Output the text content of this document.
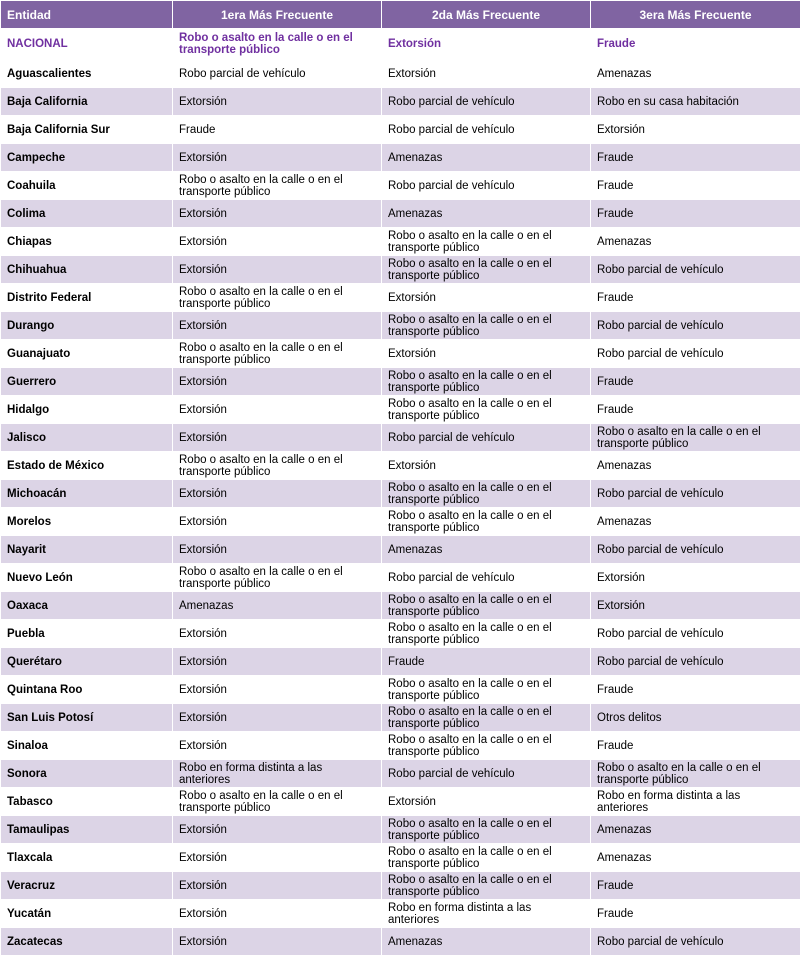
Entidad	1era Más Frecuente	2da Más Frecuente	3era Más Frecuente
NACIONAL	Robo o asalto en la calle o en el transporte público	Extorsión	Fraude
Aguascalientes	Robo parcial de vehículo	Extorsión	Amenazas
Baja California	Extorsión	Robo parcial de vehículo	Robo en su casa habitación
Baja California Sur	Fraude	Robo parcial de vehículo	Extorsión
Campeche	Extorsión	Amenazas	Fraude
Coahuila	Robo o asalto en la calle o en el transporte público	Robo parcial de vehículo	Fraude
Colima	Extorsión	Amenazas	Fraude
Chiapas	Extorsión	Robo o asalto en la calle o en el transporte público	Amenazas
Chihuahua	Extorsión	Robo o asalto en la calle o en el transporte público	Robo parcial de vehículo
Distrito Federal	Robo o asalto en la calle o en el transporte público	Extorsión	Fraude
Durango	Extorsión	Robo o asalto en la calle o en el transporte público	Robo parcial de vehículo
Guanajuato	Robo o asalto en la calle o en el transporte público	Extorsión	Robo parcial de vehículo
Guerrero	Extorsión	Robo o asalto en la calle o en el transporte público	Fraude
Hidalgo	Extorsión	Robo o asalto en la calle o en el transporte público	Fraude
Jalisco	Extorsión	Robo parcial de vehículo	Robo o asalto en la calle o en el transporte público
Estado de México	Robo o asalto en la calle o en el transporte público	Extorsión	Amenazas
Michoacán	Extorsión	Robo o asalto en la calle o en el transporte público	Robo parcial de vehículo
Morelos	Extorsión	Robo o asalto en la calle o en el transporte público	Amenazas
Nayarit	Extorsión	Amenazas	Robo parcial de vehículo
Nuevo León	Robo o asalto en la calle o en el transporte público	Robo parcial de vehículo	Extorsión
Oaxaca	Amenazas	Robo o asalto en la calle o en el transporte público	Extorsión
Puebla	Extorsión	Robo o asalto en la calle o en el transporte público	Robo parcial de vehículo
Querétaro	Extorsión	Fraude	Robo parcial de vehículo
Quintana Roo	Extorsión	Robo o asalto en la calle o en el transporte público	Fraude
San Luis Potosí	Extorsión	Robo o asalto en la calle o en el transporte público	Otros delitos
Sinaloa	Extorsión	Robo o asalto en la calle o en el transporte público	Fraude
Sonora	Robo en forma distinta a las anteriores	Robo parcial de vehículo	Robo o asalto en la calle o en el transporte público
Tabasco	Robo o asalto en la calle o en el transporte público	Extorsión	Robo en forma distinta a las anteriores
Tamaulipas	Extorsión	Robo o asalto en la calle o en el transporte público	Amenazas
Tlaxcala	Extorsión	Robo o asalto en la calle o en el transporte público	Amenazas
Veracruz	Extorsión	Robo o asalto en la calle o en el transporte público	Fraude
Yucatán	Extorsión	Robo en forma distinta a las anteriores	Fraude
Zacatecas	Extorsión	Amenazas	Robo parcial de vehículo
